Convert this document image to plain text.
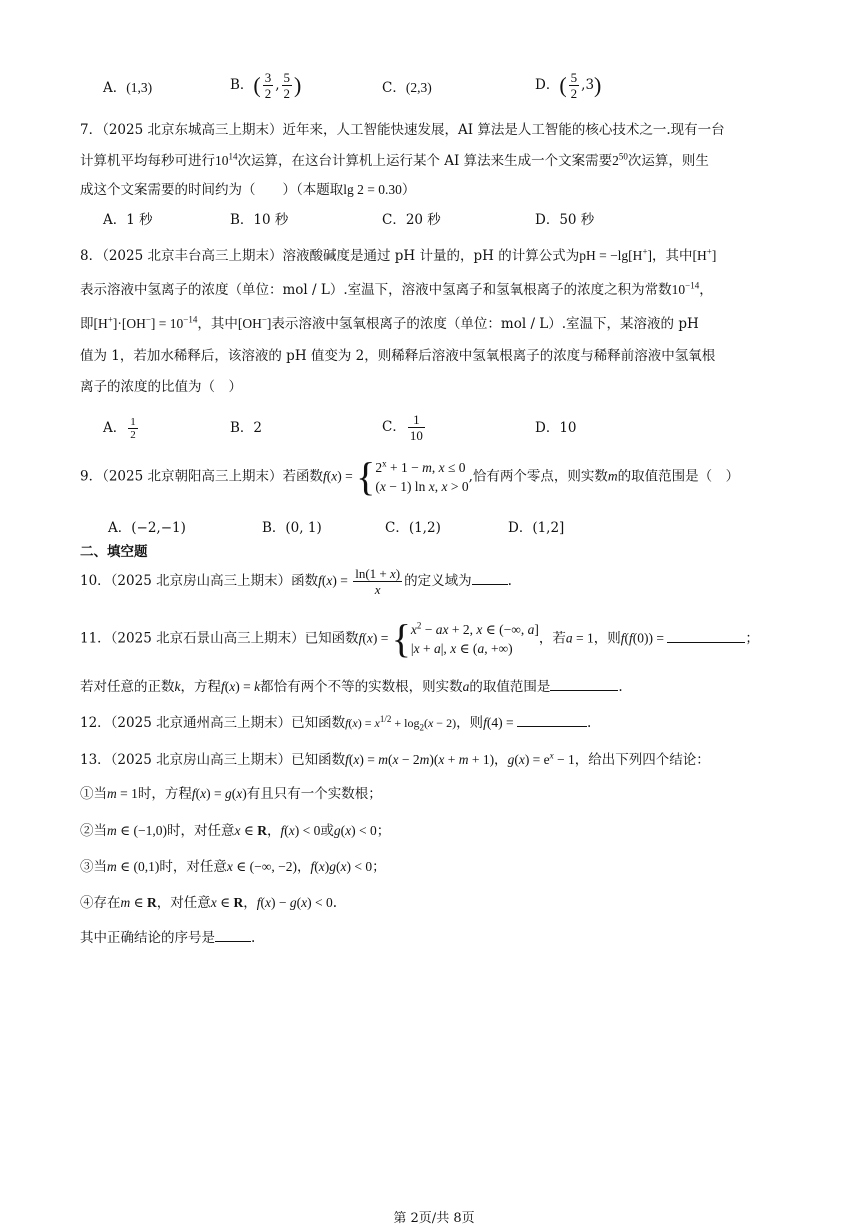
A．(1,3)	B．( $\frac{3}{2}$ , $\frac{5}{2}$ )	C．(2,3)	D．( $\frac{5}{2} ,3$)
7．（2025 北京东城高三上期末）近年来，人工智能快速发展，AI 算法是人工智能的核心技术之一.现有一台
计算机平均每秒可进行$10^{14}$次运算，在这台计算机上运行某个 AI 算法来生成一个文案需要$2^{50}$次运算，则生
成这个文案需要的时间约为（　　）（本题取lg 2 = 0.30）
A．1 秒	B．10 秒	C．20 秒	D．50 秒
8．（2025 北京丰台高三上期末）溶液酸碱度是通过 pH 计量的，pH 的计算公式为pH = −lg[H+]，其中[H+]
表示溶液中氢离子的浓度（单位：mol / L）.室温下，溶液中氢离子和氢氧根离子的浓度之积为常数$10^{-14}$，
即$[H^+]\cdot[OH^-] = 10^{-14}$，其中[OH−]表示溶液中氢氧根离子的浓度（单位：mol / L）.室温下，某溶液的 pH
值为 1，若加水稀释后，该溶液的 pH 值变为 2，则稀释后溶液中氢氧根离子的浓度与稀释前溶液中氢氧根
离子的浓度的比值为（　）
A． $\frac{1}{2}$	B．2	C． $\frac{1}{10}$	D．10
9．（2025 北京朝阳高三上期末）若函数$f(x) = \{2^x + 1 - m$, x ≤ 0
(x − 1) ln x, x > 0,恰有两个零点，则实数m的取值范围是（　）
A．(−2,−1)	B．(0, 1)	C．(1,2)	D．(1,2]
二、填空题
10．（2025 北京房山高三上期末）函数$f(x) = \frac{\ln(1 + x)}{x}$ 的定义域为	.
11．（2025 北京石景山高三上期末）已知函数$f(x) = \{x^2$ − ax + 2, x ∈ (−∞, a]
|x + a|, x ∈ (a, +∞)，若a = 1，则f(f(0)) =	；
若对任意的正数k，方程f(x) = k都恰有两个不等的实数根，则实数a的取值范围是	.
12．（2025 北京通州高三上期末）已知函数$f(x) = x^{1/2} + \log_2(x - 2)$，则f(4) =	.
13．（2025 北京房山高三上期末）已知函数f(x) = m(x − 2m)(x + m + 1)，$g(x) = e^x - 1$，给出下列四个结论：
①当m = 1时，方程f(x) = g(x)有且只有一个实数根；
②当m ∈ (−1,0)时，对任意x ∈ R，f(x) < 0或g(x) < 0；
③当m ∈ (0,1)时，对任意x ∈ (−∞, −2)，f(x)g(x) < 0；
④存在m ∈ R，对任意x ∈ R，f(x) − g(x) < 0.
其中正确结论的序号是	.
第 2页/共 8页
